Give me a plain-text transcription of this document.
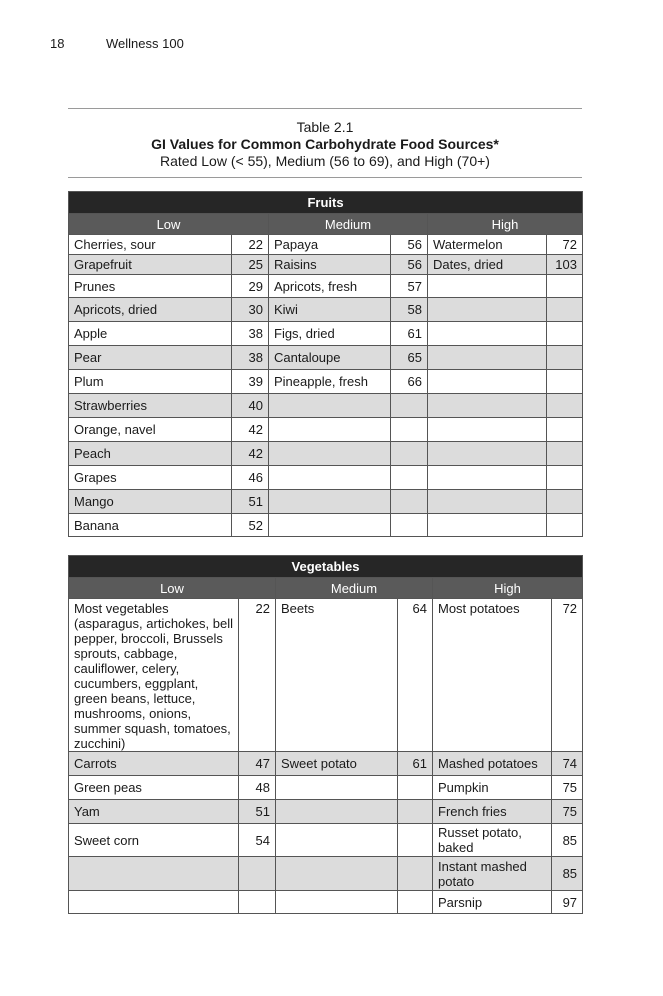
18	Wellness 100
Table 2.1
GI Values for Common Carbohydrate Food Sources*
Rated Low (< 55), Medium (56 to 69), and High (70+)
Fruits					
Low		Medium		High	
Cherries, sour	22	Papaya	56	Watermelon	72
Grapefruit	25	Raisins	56	Dates, dried	103
Prunes	29	Apricots, fresh	57		
Apricots, dried	30	Kiwi	58		
Apple	38	Figs, dried	61		
Pear	38	Cantaloupe	65		
Plum	39	Pineapple, fresh	66		
Strawberries	40				
Orange, navel	42				
Peach	42				
Grapes	46				
Mango	51				
Banana	52				
Vegetables					
Low		Medium		High	
Most vegetables (asparagus, artichokes, bell pepper, broccoli, Brussels sprouts, cabbage, cauliflower, celery, cucumbers, eggplant, green beans, lettuce, mushrooms, onions, summer squash, tomatoes, zucchini)	22	Beets	64	Most potatoes	72
Carrots	47	Sweet potato	61	Mashed potatoes	74
Green peas	48			Pumpkin	75
Yam	51			French fries	75
Sweet corn	54			Russet potato, baked	85
				Instant mashed potato	85
				Parsnip	97
